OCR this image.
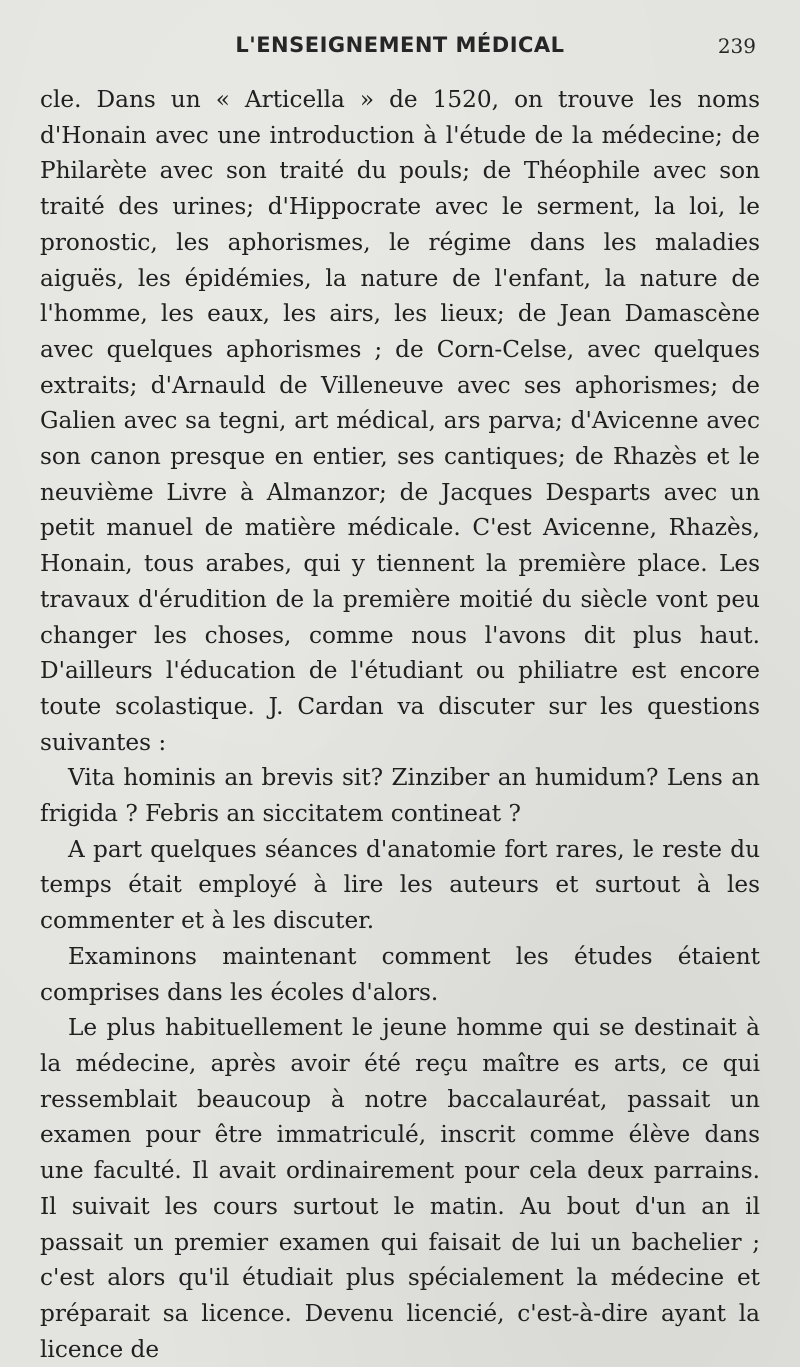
L'ENSEIGNEMENT MÉDICAL	239

cle. Dans un « Articella » de 1520, on trouve les noms d'Honain avec une introduction à l'étude de la médecine; de Philarète avec son traité du pouls; de Théophile avec son traité des urines; d'Hippocrate avec le serment, la loi, le pronostic, les aphorismes, le régime dans les maladies aiguës, les épidémies, la nature de l'enfant, la nature de l'homme, les eaux, les airs, les lieux; de Jean Damascène avec quelques aphorismes ; de Corn-Celse, avec quelques extraits; d'Arnauld de Villeneuve avec ses aphorismes; de Galien avec sa tegni, art médical, ars parva; d'Avicenne avec son canon presque en entier, ses cantiques; de Rhazès et le neuvième Livre à Almanzor; de Jacques Desparts avec un petit manuel de matière médicale. C'est Avicenne, Rhazès, Honain, tous arabes, qui y tiennent la première place. Les travaux d'érudition de la première moitié du siècle vont peu changer les choses, comme nous l'avons dit plus haut. D'ailleurs l'éducation de l'étudiant ou philiatre est encore toute scolastique. J. Cardan va discuter sur les questions suivantes :

Vita hominis an brevis sit? Zinziber an humidum? Lens an frigida ? Febris an siccitatem contineat ?

A part quelques séances d'anatomie fort rares, le reste du temps était employé à lire les auteurs et surtout à les commenter et à les discuter.

Examinons maintenant comment les études étaient comprises dans les écoles d'alors.

Le plus habituellement le jeune homme qui se destinait à la médecine, après avoir été reçu maître es arts, ce qui ressemblait beaucoup à notre baccalauréat, passait un examen pour être immatriculé, inscrit comme élève dans une faculté. Il avait ordinairement pour cela deux parrains. Il suivait les cours surtout le matin. Au bout d'un an il passait un premier examen qui faisait de lui un bachelier ; c'est alors qu'il étudiait plus spécialement la médecine et préparait sa licence. Devenu licencié, c'est-à-dire ayant la licence de
